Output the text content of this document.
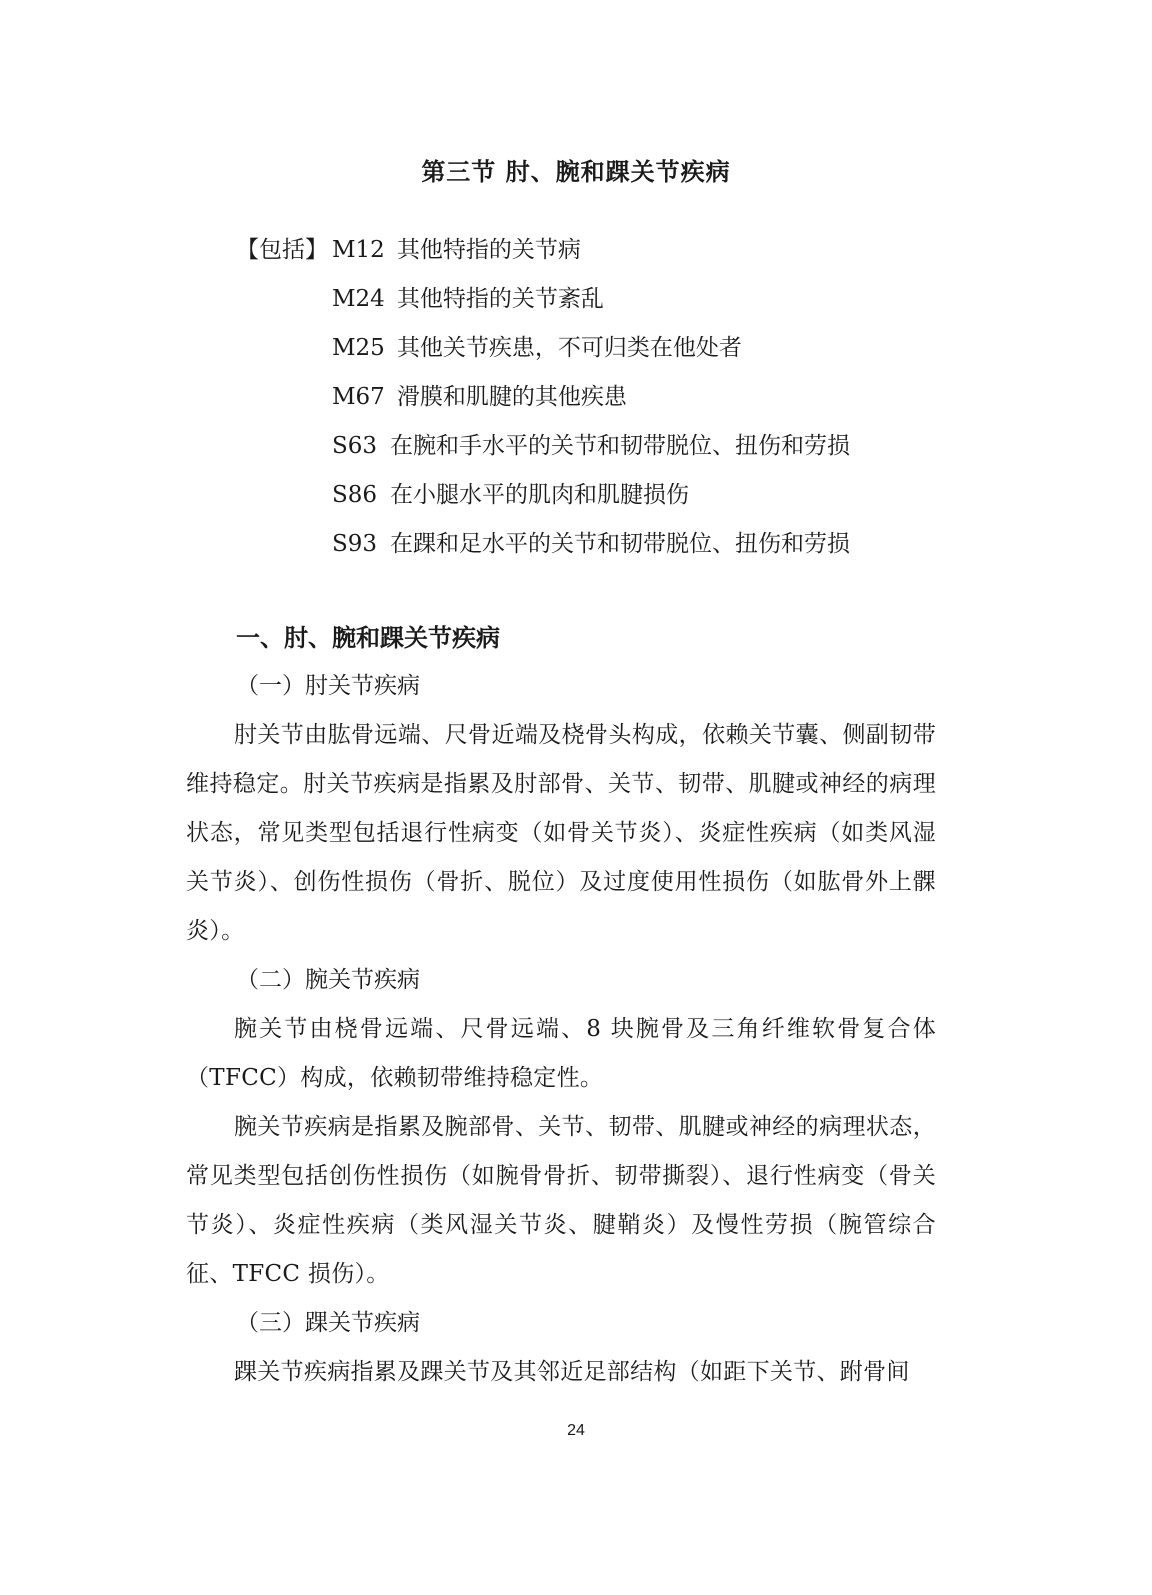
第三节 肘、腕和踝关节疾病
【包括】 M12 其他特指的关节病
M24 其他特指的关节紊乱
M25 其他关节疾患，不可归类在他处者
M67 滑膜和肌腱的其他疾患
S63 在腕和手水平的关节和韧带脱位、扭伤和劳损
S86 在小腿水平的肌肉和肌腱损伤
S93 在踝和足水平的关节和韧带脱位、扭伤和劳损
一、肘、腕和踝关节疾病
（一）肘关节疾病
肘关节由肱骨远端、尺骨近端及桡骨头构成，依赖关节囊、侧副韧带维持稳定。肘关节疾病是指累及肘部骨、关节、韧带、肌腱或神经的病理状态，常见类型包括退行性病变（如骨关节炎）、炎症性疾病（如类风湿关节炎）、创伤性损伤（骨折、脱位）及过度使用性损伤（如肱骨外上髁炎）。
（二）腕关节疾病
腕关节由桡骨远端、尺骨远端、8 块腕骨及三角纤维软骨复合体（TFCC）构成，依赖韧带维持稳定性。
腕关节疾病是指累及腕部骨、关节、韧带、肌腱或神经的病理状态，常见类型包括创伤性损伤（如腕骨骨折、韧带撕裂）、退行性病变（骨关节炎）、炎症性疾病（类风湿关节炎、腱鞘炎）及慢性劳损（腕管综合征、TFCC 损伤）。
（三）踝关节疾病
踝关节疾病指累及踝关节及其邻近足部结构（如距下关节、跗骨间
24
